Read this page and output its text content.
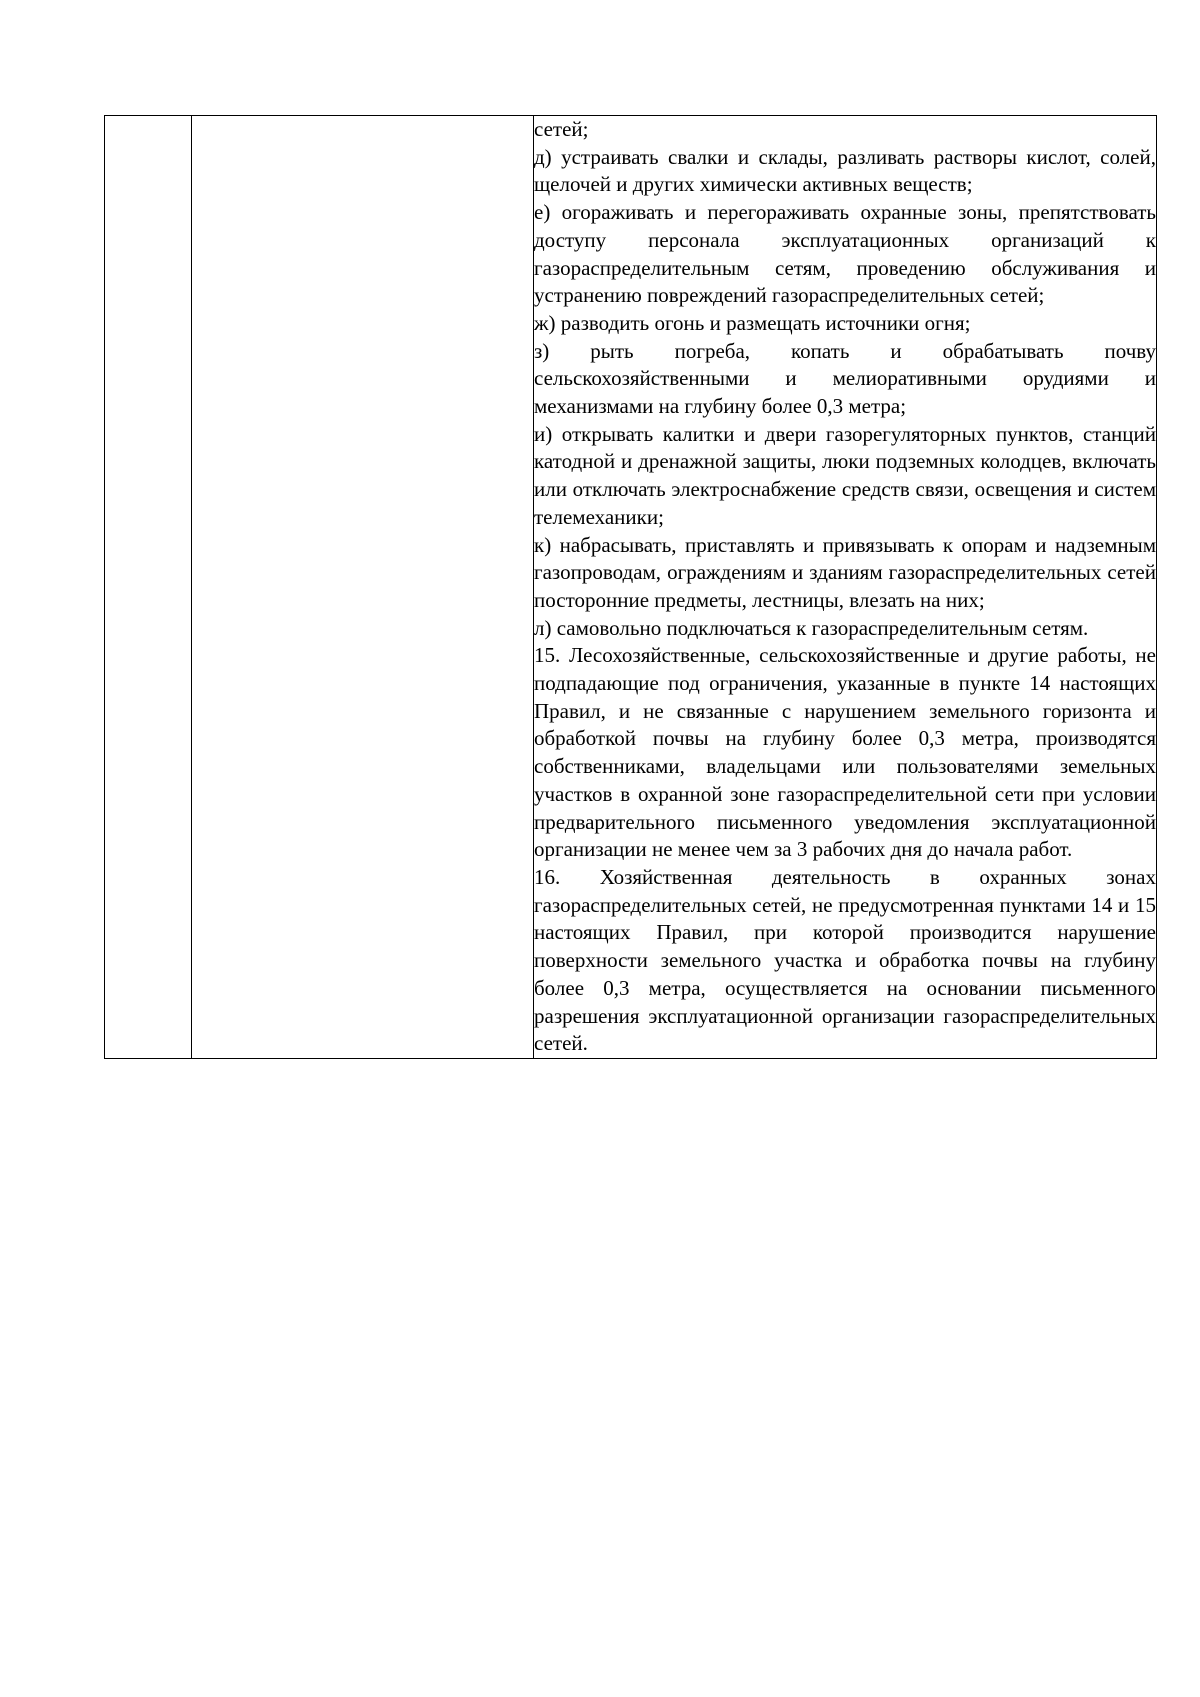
сетей;

д) устраивать свалки и склады, разливать растворы кислот, солей, щелочей и других химически активных веществ;

е) огораживать и перегораживать охранные зоны, препятствовать доступу персонала эксплуатационных организаций к газораспределительным сетям, проведению обслуживания и устранению повреждений газораспределительных сетей;

ж) разводить огонь и размещать источники огня;

з) рыть погреба, копать и обрабатывать почву сельскохозяйственными и мелиоративными орудиями и механизмами на глубину более 0,3 метра;

и) открывать калитки и двери газорегуляторных пунктов, станций катодной и дренажной защиты, люки подземных колодцев, включать или отключать электроснабжение средств связи, освещения и систем телемеханики;

к) набрасывать, приставлять и привязывать к опорам и надземным газопроводам, ограждениям и зданиям газораспределительных сетей посторонние предметы, лестницы, влезать на них;

л) самовольно подключаться к газораспределительным сетям.

15. Лесохозяйственные, сельскохозяйственные и другие работы, не подпадающие под ограничения, указанные в пункте 14 настоящих Правил, и не связанные с нарушением земельного горизонта и обработкой почвы на глубину более 0,3 метра, производятся собственниками, владельцами или пользователями земельных участков в охранной зоне газораспределительной сети при условии предварительного письменного уведомления эксплуатационной организации не менее чем за 3 рабочих дня до начала работ.

16. Хозяйственная деятельность в охранных зонах газораспределительных сетей, не предусмотренная пунктами 14 и 15 настоящих Правил, при которой производится нарушение поверхности земельного участка и обработка почвы на глубину более 0,3 метра, осуществляется на основании письменного разрешения эксплуатационной организации газораспределительных сетей.
